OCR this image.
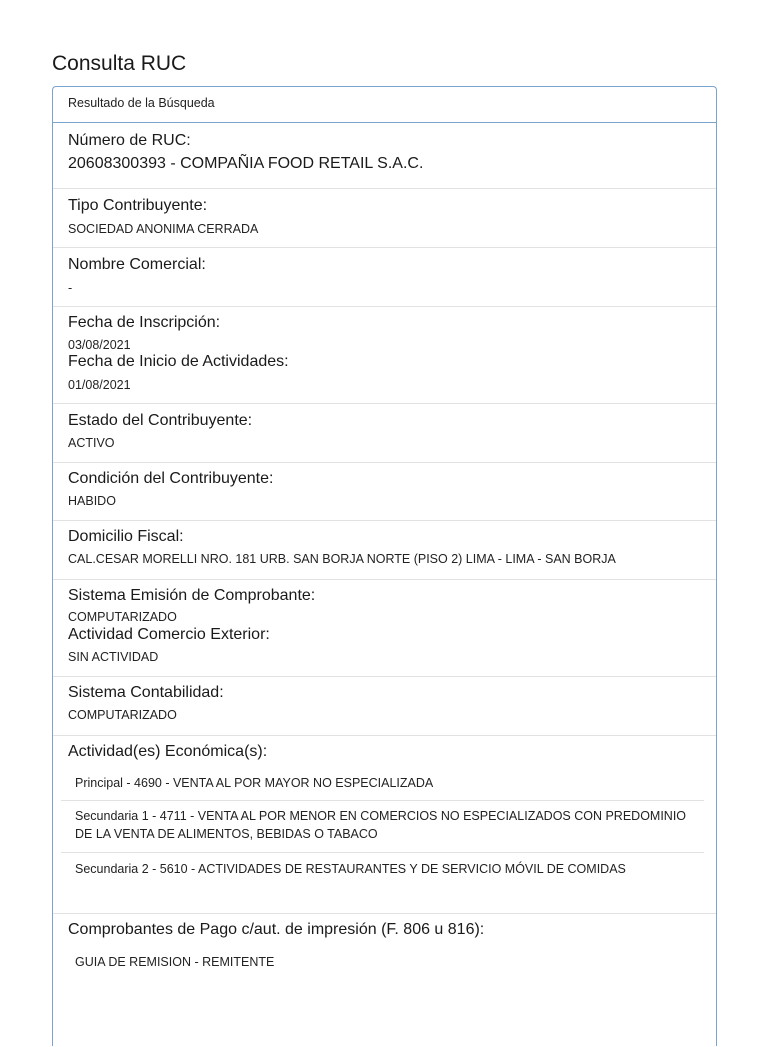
Consulta RUC
Resultado de la Búsqueda
Número de RUC:
20608300393 - COMPAÑIA FOOD RETAIL S.A.C.
Tipo Contribuyente:
SOCIEDAD ANONIMA CERRADA
Nombre Comercial:
-
Fecha de Inscripción:
03/08/2021
Fecha de Inicio de Actividades:
01/08/2021
Estado del Contribuyente:
ACTIVO
Condición del Contribuyente:
HABIDO
Domicilio Fiscal:
CAL.CESAR MORELLI NRO. 181 URB. SAN BORJA NORTE (PISO 2) LIMA - LIMA - SAN BORJA
Sistema Emisión de Comprobante:
COMPUTARIZADO
Actividad Comercio Exterior:
SIN ACTIVIDAD
Sistema Contabilidad:
COMPUTARIZADO
Actividad(es) Económica(s):
Principal - 4690 - VENTA AL POR MAYOR NO ESPECIALIZADA
Secundaria 1 - 4711 - VENTA AL POR MENOR EN COMERCIOS NO ESPECIALIZADOS CON PREDOMINIO DE LA VENTA DE ALIMENTOS, BEBIDAS O TABACO
Secundaria 2 - 5610 - ACTIVIDADES DE RESTAURANTES Y DE SERVICIO MÓVIL DE COMIDAS
Comprobantes de Pago c/aut. de impresión (F. 806 u 816):
GUIA DE REMISION - REMITENTE
